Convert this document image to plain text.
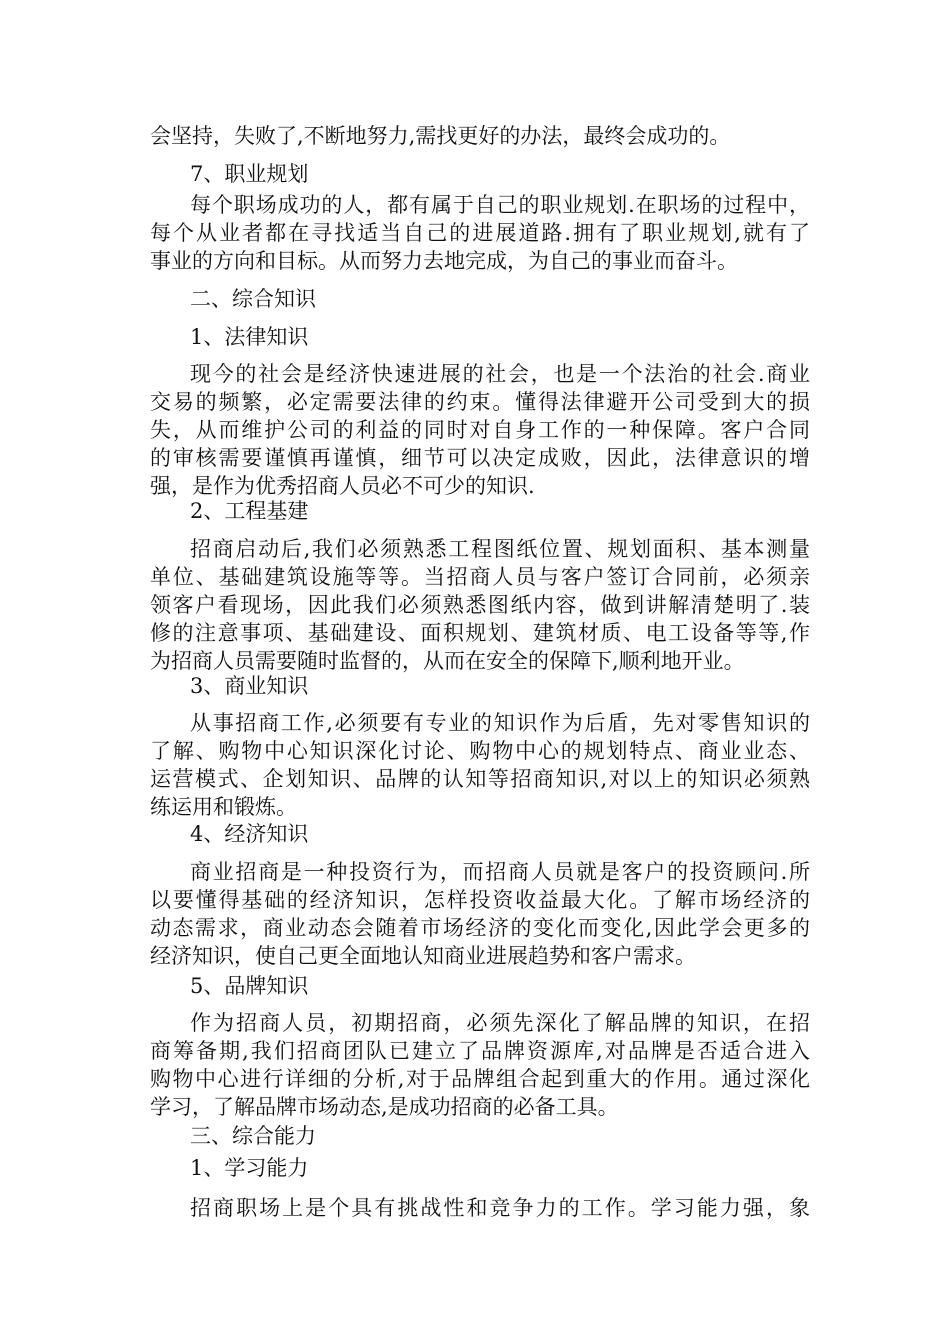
会坚持，失败了,不断地努力,需找更好的办法，最终会成功的。
7、职业规划
每个职场成功的人，都有属于自己的职业规划.在职场的过程中，
每个从业者都在寻找适当自己的进展道路.拥有了职业规划,就有了
事业的方向和目标。从而努力去地完成，为自己的事业而奋斗。
二、综合知识
1、法律知识
现今的社会是经济快速进展的社会，也是一个法治的社会.商业
交易的频繁，必定需要法律的约束。懂得法律避开公司受到大的损
失，从而维护公司的利益的同时对自身工作的一种保障。客户合同
的审核需要谨慎再谨慎，细节可以决定成败，因此，法律意识的增
强，是作为优秀招商人员必不可少的知识.
2、工程基建
招商启动后,我们必须熟悉工程图纸位置、规划面积、基本测量
单位、基础建筑设施等等。当招商人员与客户签订合同前，必须亲
领客户看现场，因此我们必须熟悉图纸内容，做到讲解清楚明了.装
修的注意事项、基础建设、面积规划、建筑材质、电工设备等等,作
为招商人员需要随时监督的，从而在安全的保障下,顺利地开业。
3、商业知识
从事招商工作,必须要有专业的知识作为后盾，先对零售知识的
了解、购物中心知识深化讨论、购物中心的规划特点、商业业态、
运营模式、企划知识、品牌的认知等招商知识,对以上的知识必须熟
练运用和锻炼。
4、经济知识
商业招商是一种投资行为，而招商人员就是客户的投资顾问.所
以要懂得基础的经济知识，怎样投资收益最大化。了解市场经济的
动态需求，商业动态会随着市场经济的变化而变化,因此学会更多的
经济知识，使自己更全面地认知商业进展趋势和客户需求。
5、品牌知识
作为招商人员，初期招商，必须先深化了解品牌的知识，在招
商筹备期,我们招商团队已建立了品牌资源库,对品牌是否适合进入
购物中心进行详细的分析,对于品牌组合起到重大的作用。通过深化
学习，了解品牌市场动态,是成功招商的必备工具。
三、综合能力
1、学习能力
招商职场上是个具有挑战性和竞争力的工作。学习能力强，象
